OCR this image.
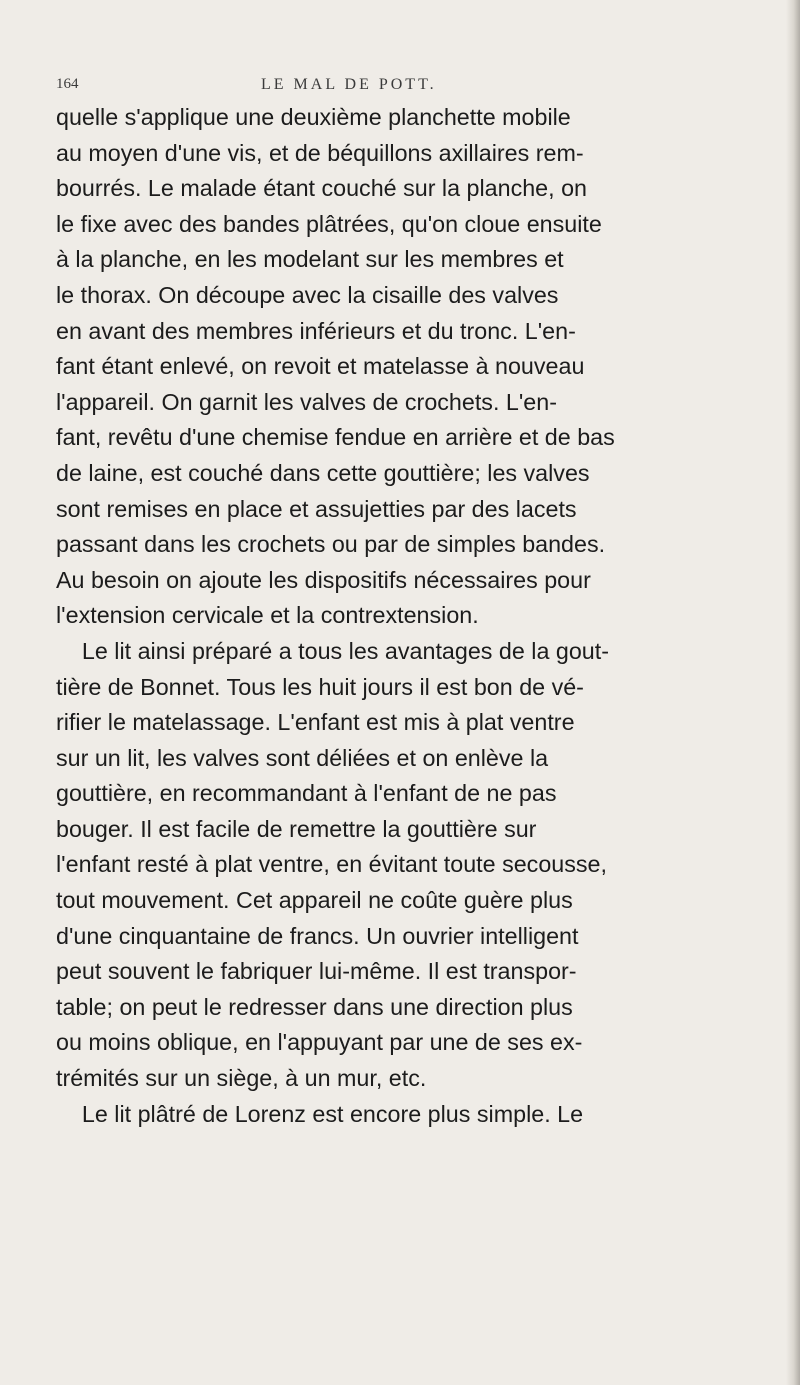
164	LE MAL DE POTT.
quelle s'applique une deuxième planchette mobile
au moyen d'une vis, et de béquillons axillaires rem-
bourrés. Le malade étant couché sur la planche, on
le fixe avec des bandes plâtrées, qu'on cloue ensuite
à la planche, en les modelant sur les membres et
le thorax. On découpe avec la cisaille des valves
en avant des membres inférieurs et du tronc. L'en-
fant étant enlevé, on revoit et matelasse à nouveau
l'appareil. On garnit les valves de crochets. L'en-
fant, revêtu d'une chemise fendue en arrière et de bas
de laine, est couché dans cette gouttière; les valves
sont remises en place et assujetties par des lacets
passant dans les crochets ou par de simples bandes.
Au besoin on ajoute les dispositifs nécessaires pour
l'extension cervicale et la contrextension.
Le lit ainsi préparé a tous les avantages de la gout-
tière de Bonnet. Tous les huit jours il est bon de vé-
rifier le matelassage. L'enfant est mis à plat ventre
sur un lit, les valves sont déliées et on enlève la
gouttière, en recommandant à l'enfant de ne pas
bouger. Il est facile de remettre la gouttière sur
l'enfant resté à plat ventre, en évitant toute secousse,
tout mouvement. Cet appareil ne coûte guère plus
d'une cinquantaine de francs. Un ouvrier intelligent
peut souvent le fabriquer lui-même. Il est transpor-
table; on peut le redresser dans une direction plus
ou moins oblique, en l'appuyant par une de ses ex-
trémités sur un siège, à un mur, etc.
Le lit plâtré de Lorenz est encore plus simple. Le
